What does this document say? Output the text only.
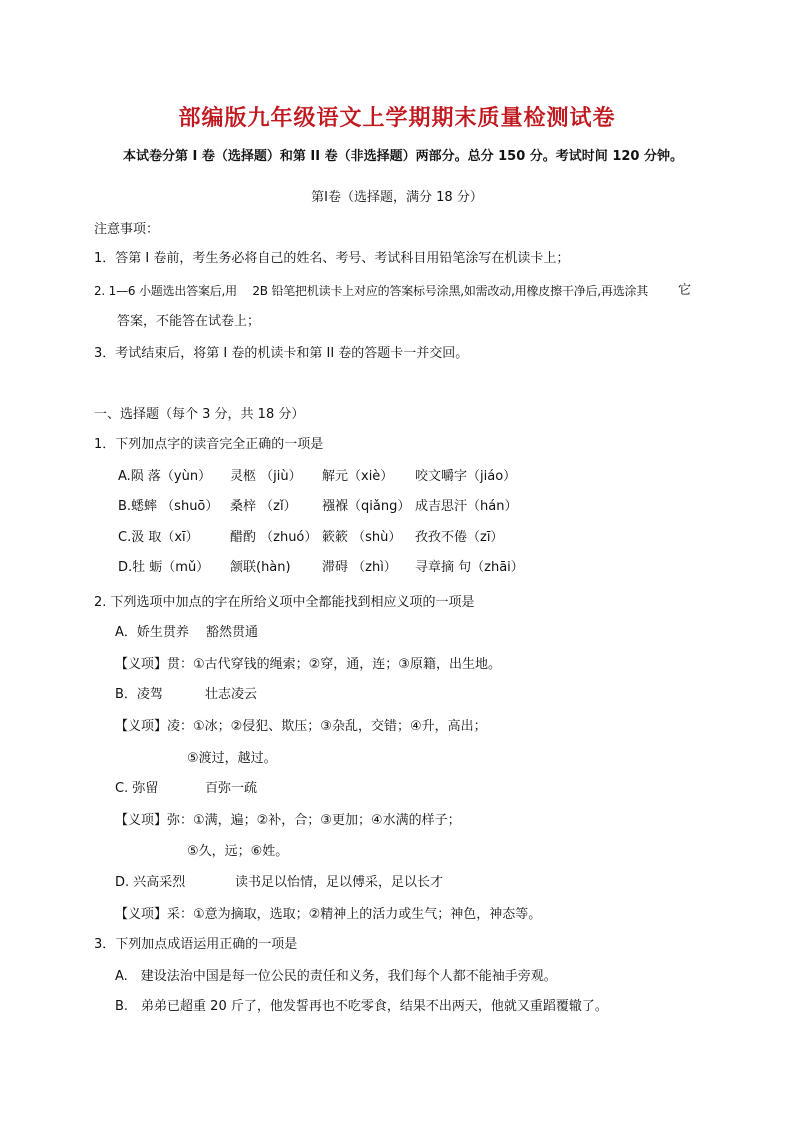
部编版九年级语文上学期期末质量检测试卷
本试卷分第 Ⅰ 卷（选择题）和第 II 卷（非选择题）两部分。总分 150 分。考试时间 120 分钟。
第Ⅰ卷（选择题，满分 18 分）
注意事项：
1．答第 Ⅰ 卷前，考生务必将自己的姓名、考号、考试科目用铅笔涂写在机读卡上；
2. 1—6 小题选出答案后,用　 2B 铅笔把机读卡上对应的答案标号涂黑,如需改动,用橡皮擦干净后,再选涂其 它
答案，不能答在试卷上；
3．考试结束后，将第 Ⅰ 卷的机读卡和第 II 卷的答题卡一并交回。
一、选择题（每个 3 分，共 18 分）
1．下列加点字的读音完全正确的一项是
A.陨 落（yùn） 灵柩 （jiù） 解元（xiè） 咬文嚼字（jiáo）
B.蟋蟀 （shuō） 桑梓 （zǐ） 襁褓（qiǎng） 成吉思汗（hán）
C.汲 取（xī） 醋酌 （zhuó） 簌簌 （shù） 孜孜不倦（zī）
D.牡 蛎（mǔ） 颔联(hàn) 滞碍 （zhì） 寻章摘 句（zhāi）
2. 下列选项中加点的字在所给义项中全都能找到相应义项的一项是
A．娇生贯养　 豁然贯通
【义项】贯：①古代穿钱的绳索；②穿，通，连；③原籍，出生地。
B．凌驾	壮志凌云
【义项】凌：①冰；②侵犯、欺压；③杂乱，交错；④升，高出；
⑤渡过，越过。
C. 弥留	百弥一疏
【义项】弥：①满，遍；②补，合；③更加；④水满的样子；
⑤久，远；⑥姓。
D. 兴高采烈	读书足以怡情，足以傅采，足以长才
【义项】采：①意为摘取，选取；②精神上的活力或生气；神色，神态等。
3．下列加点成语运用正确的一项是
A.　建设法治中国是每一位公民的责任和义务，我们每个人都不能袖手旁观。
B.　弟弟已超重 20 斤了，他发誓再也不吃零食，结果不出两天，他就又重蹈覆辙了。
